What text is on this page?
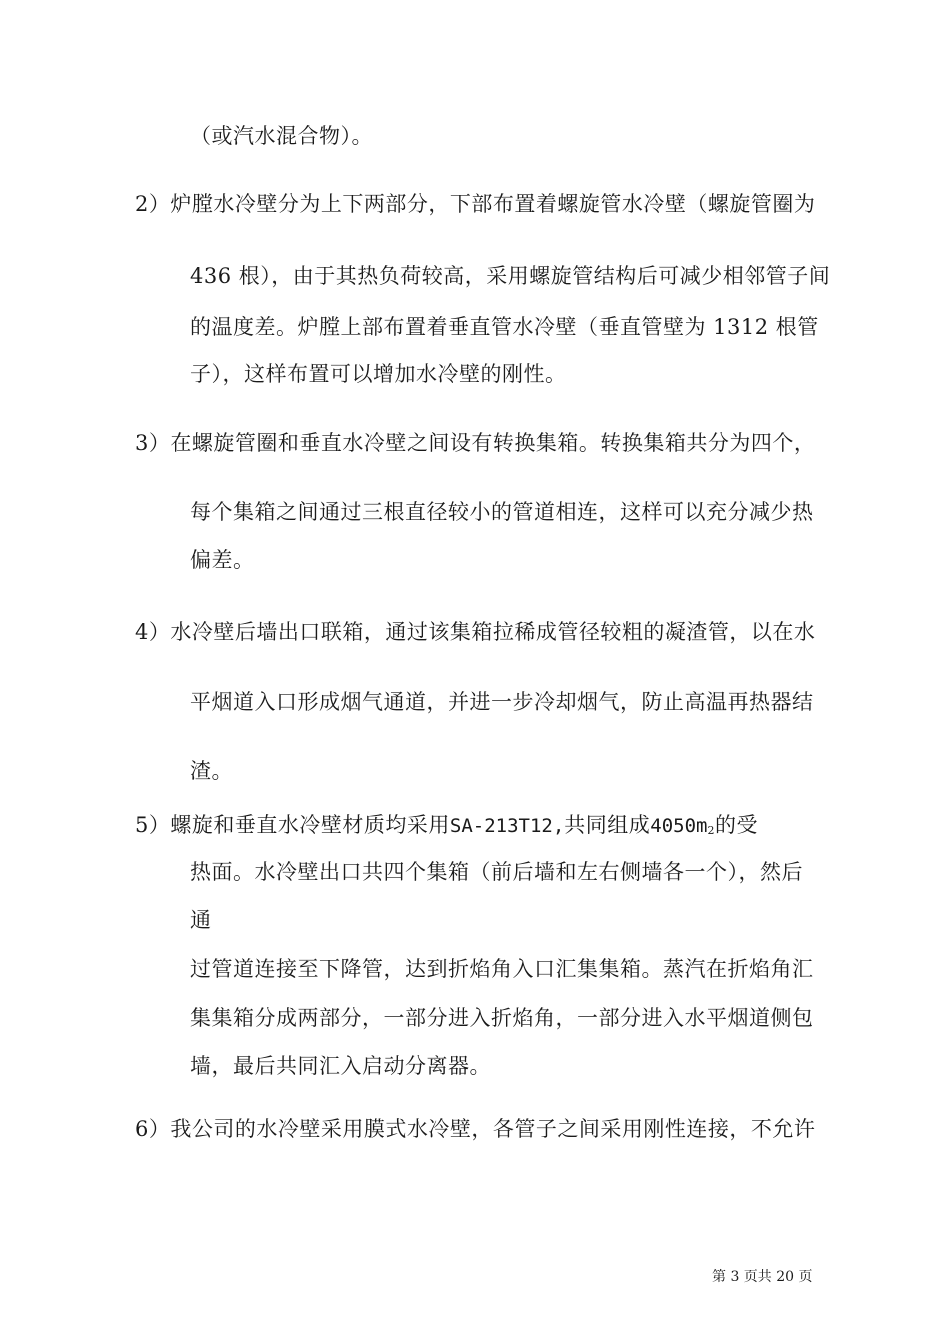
（或汽水混合物）。
2）炉膛水冷壁分为上下两部分，下部布置着螺旋管水冷壁（螺旋管圈为
436 根），由于其热负荷较高，采用螺旋管结构后可减少相邻管子间
的温度差。炉膛上部布置着垂直管水冷壁（垂直管壁为 1312 根管
子），这样布置可以增加水冷壁的刚性。
3）在螺旋管圈和垂直水冷壁之间设有转换集箱。转换集箱共分为四个，
每个集箱之间通过三根直径较小的管道相连，这样可以充分减少热
偏差。
4）水冷壁后墙出口联箱，通过该集箱拉稀成管径较粗的凝渣管，以在水
平烟道入口形成烟气通道，并进一步冷却烟气，防止高温再热器结
渣。
5）螺旋和垂直水冷壁材质均采用SA-213T12,共同组成4050m2的受
热面。水冷壁出口共四个集箱（前后墙和左右侧墙各一个），然后
通
过管道连接至下降管，达到折焰角入口汇集集箱。蒸汽在折焰角汇
集集箱分成两部分，一部分进入折焰角，一部分进入水平烟道侧包
墙，最后共同汇入启动分离器。
6）我公司的水冷壁采用膜式水冷壁，各管子之间采用刚性连接，不允许
第 3 页共 20 页
